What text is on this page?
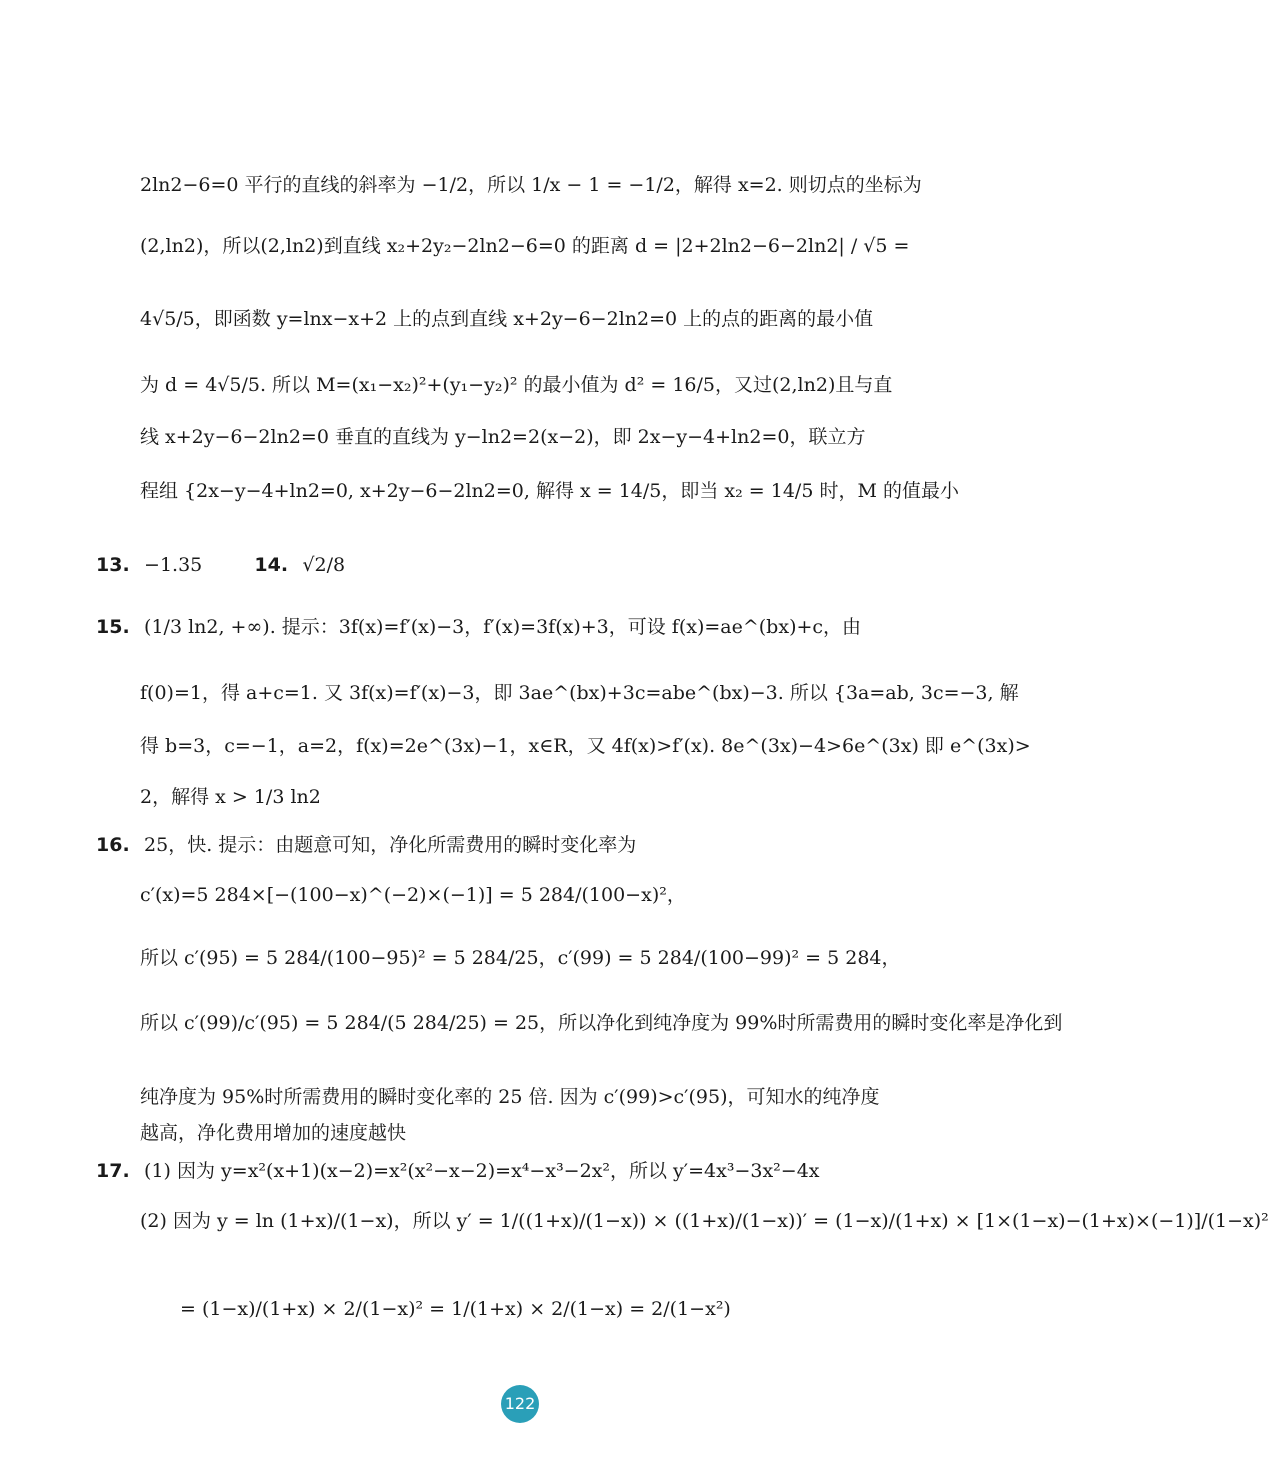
2ln2−6=0 平行的直线的斜率为 −1/2，所以 1/x − 1 = −1/2，解得 x=2. 则切点的坐标为
(2,ln2)，所以(2,ln2)到直线 x₂+2y₂−2ln2−6=0 的距离 d = |2+2ln2−6−2ln2| / √5 =
4√5/5，即函数 y=lnx−x+2 上的点到直线 x+2y−6−2ln2=0 上的点的距离的最小值
为 d = 4√5/5. 所以 M=(x₁−x₂)²+(y₁−y₂)² 的最小值为 d² = 16/5，又过(2,ln2)且与直
线 x+2y−6−2ln2=0 垂直的直线为 y−ln2=2(x−2)，即 2x−y−4+ln2=0，联立方
程组 {2x−y−4+ln2=0, x+2y−6−2ln2=0, 解得 x = 14/5，即当 x₂ = 14/5 时，M 的值最小
13. −1.35	14. √2/8
15. (1/3 ln2, +∞). 提示：3f(x)=f′(x)−3，f′(x)=3f(x)+3，可设 f(x)=ae^(bx)+c，由
f(0)=1，得 a+c=1. 又 3f(x)=f′(x)−3，即 3ae^(bx)+3c=abe^(bx)−3. 所以 {3a=ab, 3c=−3, 解
得 b=3，c=−1，a=2，f(x)=2e^(3x)−1，x∈R，又 4f(x)>f′(x). 8e^(3x)−4>6e^(3x) 即 e^(3x)>
2，解得 x > 1/3 ln2
16. 25，快. 提示：由题意可知，净化所需费用的瞬时变化率为
c′(x)=5 284×[−(100−x)^(−2)×(−1)] = 5 284/(100−x)²，
所以 c′(95) = 5 284/(100−95)² = 5 284/25，c′(99) = 5 284/(100−99)² = 5 284，
所以 c′(99)/c′(95) = 5 284/(5 284/25) = 25，所以净化到纯净度为 99%时所需费用的瞬时变化率是净化到
纯净度为 95%时所需费用的瞬时变化率的 25 倍. 因为 c′(99)>c′(95)，可知水的纯净度
越高，净化费用增加的速度越快
17. (1) 因为 y=x²(x+1)(x−2)=x²(x²−x−2)=x⁴−x³−2x²，所以 y′=4x³−3x²−4x
(2) 因为 y = ln (1+x)/(1−x)，所以 y′ = 1/((1+x)/(1−x)) × ((1+x)/(1−x))′ = (1−x)/(1+x) × [1×(1−x)−(1+x)×(−1)]/(1−x)²
= (1−x)/(1+x) × 2/(1−x)² = 1/(1+x) × 2/(1−x) = 2/(1−x²)
122
